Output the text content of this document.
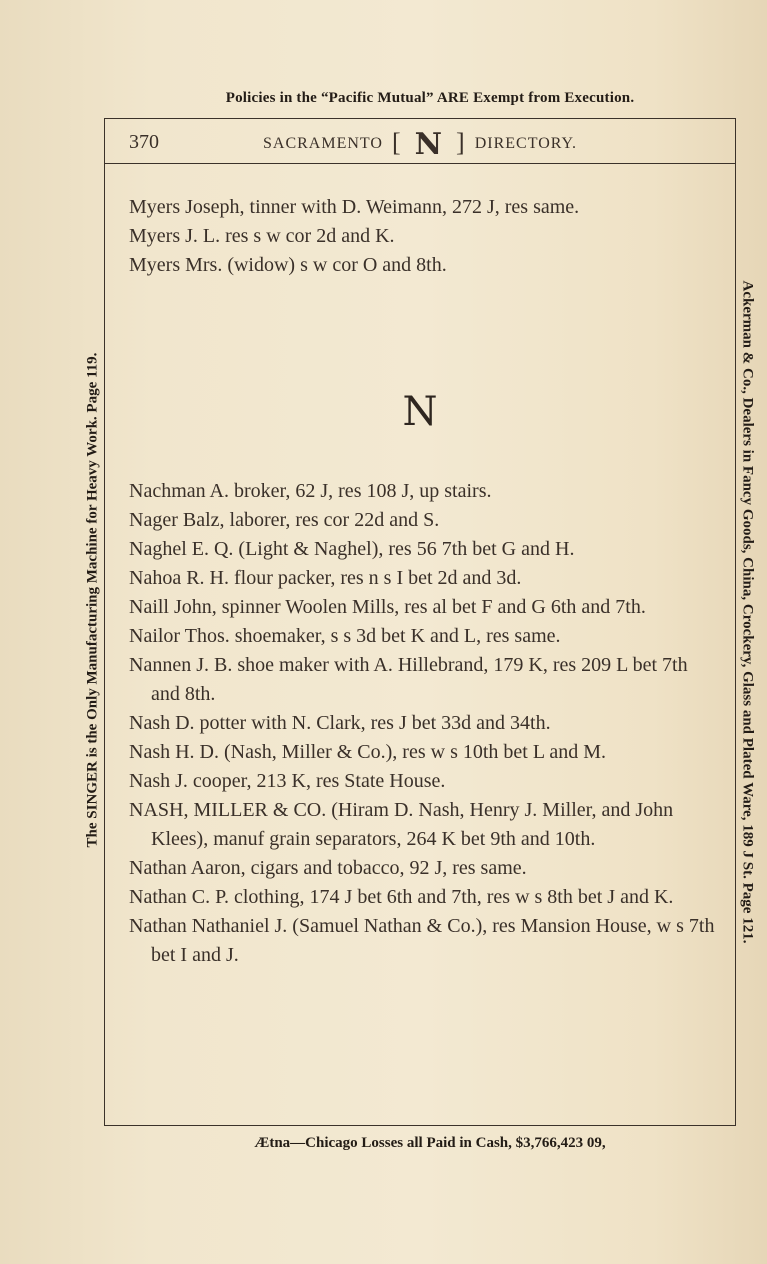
Policies in the “Pacific Mutual” ARE Exempt from Execution.
The SINGER is the Only Manufacturing Machine for Heavy Work. Page 119.	Ackerman & Co., Dealers in Fancy Goods, China, Crockery, Glass and Plated Ware, 189 J St. Page 121.
370	SACRAMENTO [ N ] DIRECTORY.

Myers Joseph, tinner with D. Weimann, 272 J, res same.

Myers J. L. res s w cor 2d and K.

Myers Mrs. (widow) s w cor O and 8th.

N

Nachman A. broker, 62 J, res 108 J, up stairs.

Nager Balz, laborer, res cor 22d and S.

Naghel E. Q. (Light & Naghel), res 56 7th bet G and H.

Nahoa R. H. flour packer, res n s I bet 2d and 3d.

Naill John, spinner Woolen Mills, res al bet F and G 6th and 7th.

Nailor Thos. shoemaker, s s 3d bet K and L, res same.

Nannen J. B. shoe maker with A. Hillebrand, 179 K, res 209 L bet 7th and 8th.

Nash D. potter with N. Clark, res J bet 33d and 34th.

Nash H. D. (Nash, Miller & Co.), res w s 10th bet L and M.

Nash J. cooper, 213 K, res State House.

NASH, MILLER & CO. (Hiram D. Nash, Henry J. Miller, and John Klees), manuf grain separators, 264 K bet 9th and 10th.

Nathan Aaron, cigars and tobacco, 92 J, res same.

Nathan C. P. clothing, 174 J bet 6th and 7th, res w s 8th bet J and K.

Nathan Nathaniel J. (Samuel Nathan & Co.), res Mansion House, w s 7th bet I and J.

Ætna—Chicago Losses all Paid in Cash, $3,766,423 09,
